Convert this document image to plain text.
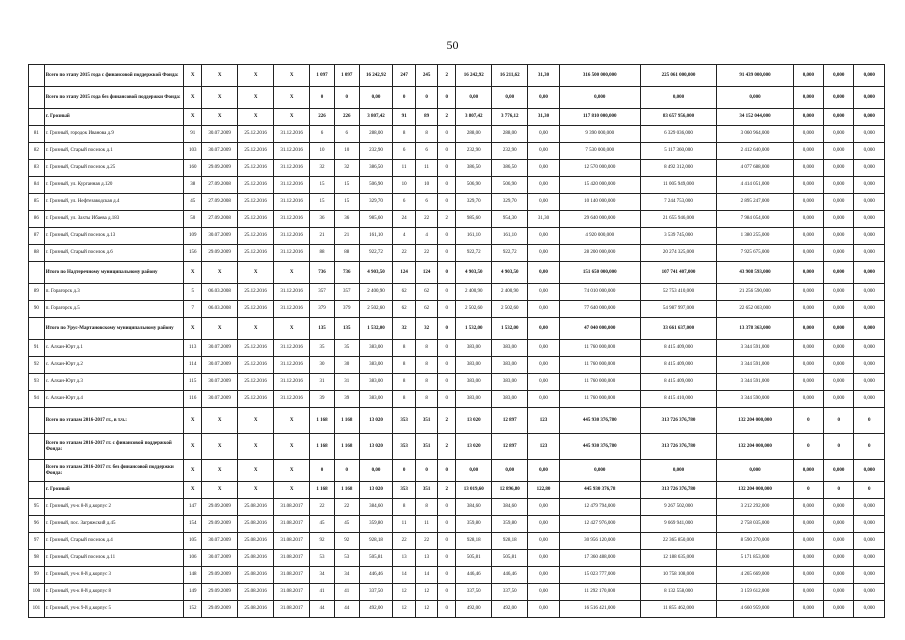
50
	Всего по этапу 2015 года с финансовой поддержкой Фонда:	X	X	X	X	1 097	1 097	16 242,92	247	245	2	16 242,92	16 211,62	31,30	316 500 000,000	225 061 000,000	91 439 000,000	0,000	0,000	0,000
	Всего по этапу 2015 года без финансовой поддержки Фонда:	X	X	X	X	0	0	0,00	0	0	0	0,00	0,00	0,00	0,000	0,000	0,000	0,000	0,000	0,000
	г. Грозный	X	X	X	X	226	226	3 807,42	91	89	2	3 807,42	3 776,12	31,30	117 810 000,000	83 657 956,000	34 152 044,000	0,000	0,000	0,000
81	г. Грозный, городок Иванова д.9	91	30.07.2009	25.12.2016	31.12.2016	6	6	288,00	8	8	0	288,00	288,00	0,00	9 390 000,000	6 329 036,000	3 060 964,000	0,000	0,000	0,000
82	г. Грозный, Старый поселок д.1	103	30.07.2009	25.12.2016	31.12.2016	10	10	232,90	6	6	0	232,90	232,90	0,00	7 530 000,000	5 117 360,000	2 412 640,000	0,000	0,000	0,000
83	г. Грозный, Старый поселок д.25	160	29.09.2009	25.12.2016	31.12.2016	32	32	386,50	11	11	0	386,50	386,50	0,00	12 570 000,000	8 492 312,000	4 077 688,000	0,000	0,000	0,000
84	г. Грозный, ул. Курганная д.120	38	27.09.2008	25.12.2016	31.12.2016	15	15	506,90	10	10	0	506,90	506,90	0,00	15 420 000,000	11 005 949,000	4 414 051,000	0,000	0,000	0,000
85	г. Грозный, ул. Нефтезаводская д.4	45	27.09.2008	25.12.2016	31.12.2016	15	15	329,70	6	6	0	329,70	329,70	0,00	10 140 000,000	7 244 753,000	2 895 247,000	0,000	0,000	0,000
86	г. Грозный, ул. Захты Ибаева д.183	50	27.09.2008	25.12.2016	31.12.2016	36	36	985,60	24	22	2	985,60	954,30	31,30	29 640 000,000	21 655 946,000	7 984 054,000	0,000	0,000	0,000
87	г. Грозный, Старый поселок д.13	109	30.07.2009	25.12.2016	31.12.2016	21	21	161,10	4	4	0	161,10	161,10	0,00	4 920 000,000	3 539 745,000	1 380 255,000	0,000	0,000	0,000
88	г. Грозный, Старый поселок д.6	156	29.09.2009	25.12.2016	31.12.2016	88	88	922,72	22	22	0	922,72	922,72	0,00	28 200 000,000	20 274 325,000	7 925 675,000	0,000	0,000	0,000
	Итого по Надтеречному муниципальному району	X	X	X	X	736	736	4 903,50	124	124	0	4 903,50	4 903,50	0,00	151 650 000,000	107 741 407,000	43 908 593,000	0,000	0,000	0,000
89	п. Горагорск д.3	5	06.03.2008	25.12.2016	31.12.2016	357	357	2 400,90	62	62	0	2 400,90	2 400,90	0,00	74 010 000,000	52 753 410,000	21 256 590,000	0,000	0,000	0,000
90	п. Горагорск д.5	7	06.03.2008	25.12.2016	31.12.2016	379	379	2 502,60	62	62	0	2 502,60	2 502,60	0,00	77 640 000,000	54 987 997,000	22 652 003,000	0,000	0,000	0,000
	Итого по Урус-Мартановскому муниципальному району	X	X	X	X	135	135	1 532,00	32	32	0	1 532,00	1 532,00	0,00	47 040 000,000	33 661 637,000	13 378 363,000	0,000	0,000	0,000
91	с. Алхан-Юрт д.1	113	30.07.2009	25.12.2016	31.12.2016	35	35	383,00	8	8	0	383,00	383,00	0,00	11 760 000,000	8 415 409,000	3 344 591,000	0,000	0,000	0,000
92	с. Алхан-Юрт д.2	114	30.07.2009	25.12.2016	31.12.2016	30	30	383,00	8	8	0	383,00	383,00	0,00	11 760 000,000	8 415 409,000	3 344 591,000	0,000	0,000	0,000
93	с. Алхан-Юрт д.3	115	30.07.2009	25.12.2016	31.12.2016	31	31	383,00	8	8	0	383,00	383,00	0,00	11 760 000,000	8 415 409,000	3 344 591,000	0,000	0,000	0,000
94	с. Алхан-Юрт д.4	116	30.07.2009	25.12.2016	31.12.2016	39	39	383,00	8	8	0	383,00	383,00	0,00	11 760 000,000	8 415 410,000	3 344 590,000	0,000	0,000	0,000
	Всего по этапам 2016-2017 гг., в т.ч.:	X	X	X	X	1 168	1 168	13 020	353	351	2	13 020	12 897	123	445 930 376,780	313 726 376,780	132 204 000,000	0	0	0
	Всего по этапам 2016-2017 гг. с финансовой поддержкой Фонда:	X	X	X	X	1 168	1 168	13 020	353	351	2	13 020	12 897	123	445 930 376,780	313 726 376,780	132 204 000,000	0	0	0
	Всего по этапам 2016-2017 гг. без финансовой поддержки Фонда:	X	X	X	X	0	0	0,00	0	0	0	0,00	0,00	0,00	0,000	0,000	0,000	0,000	0,000	0,000
	г. Грозный	X	X	X	X	1 168	1 168	13 020	353	351	2	13 019,60	12 896,80	122,80	445 930 376,78	313 726 376,780	132 204 000,000	0	0	0
95	г. Грозный, уч-к 8-й д.корпус 2	147	29.09.2009	25.08.2016	31.08.2017	22	22	384,60	8	8	0	384,60	384,60	0,00	12 479 794,000	9 267 502,000	3 212 292,000	0,000	0,000	0,000
96	г. Грозный, пос. Загряжский д.45	154	29.09.2009	25.08.2016	31.08.2017	45	45	359,80	11	11	0	359,80	359,80	0,00	12 427 976,000	9 669 941,000	2 758 035,000	0,000	0,000	0,000
97	г. Грозный, Старый поселок д.4	105	30.07.2009	25.08.2016	31.08.2017	92	92	928,18	22	22	0	928,18	928,18	0,00	30 956 120,000	22 365 850,000	8 590 270,000	0,000	0,000	0,000
98	г. Грозный, Старый поселок д.11	106	30.07.2009	25.08.2016	31.08.2017	53	53	505,81	13	13	0	505,81	505,81	0,00	17 360 488,000	12 188 635,000	5 171 853,000	0,000	0,000	0,000
99	г. Грозный, уч-к 8-й д.корпус 3	148	29.09.2009	25.08.2016	31.08.2017	34	34	446,46	14	14	0	446,46	446,46	0,00	15 023 777,000	10 758 108,000	4 265 669,000	0,000	0,000	0,000
100	г. Грозный, уч-к 8-й д.корпус 8	149	29.09.2009	25.08.2016	31.08.2017	41	41	337,50	12	12	0	337,50	337,50	0,00	11 292 170,000	8 132 558,000	3 159 612,000	0,000	0,000	0,000
101	г. Грозный, уч-к 9-й д.корпус 5	152	29.09.2009	25.08.2016	31.08.2017	44	44	492,00	12	12	0	492,00	492,00	0,00	16 516 421,000	11 855 462,000	4 660 959,000	0,000	0,000	0,000
